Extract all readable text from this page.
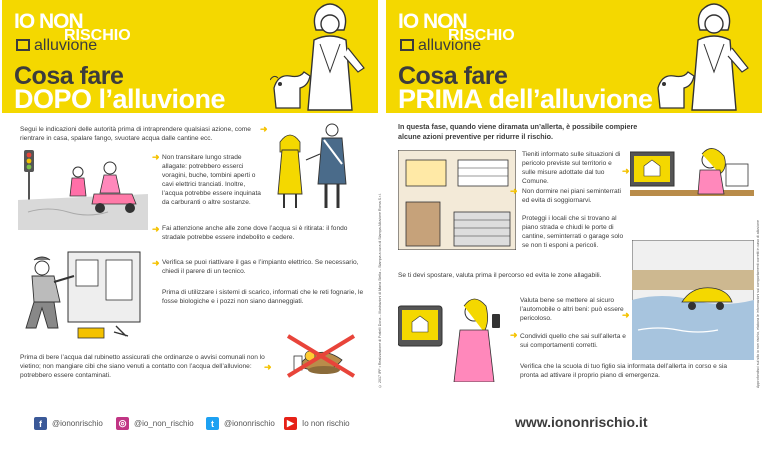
IO NON
RISCHIO
alluvione
Cosa fare
DOPO l’alluvione
Segui le indicazioni delle autorità prima di intraprendere qualsiasi azione, come rientrare in casa, spalare fango, svuotare acqua dalle cantine ecc.
➜
➜ Non transitare lungo strade allagate: potrebbero esserci voragini, buche, tombini aperti o cavi elettrici tranciati. Inoltre, l’acqua potrebbe essere inquinata da carburanti o altre sostanze.
➜ Fai attenzione anche alle zone dove l’acqua si è ritirata: il fondo stradale potrebbe essere indebolito e cedere.
➜ Verifica se puoi riattivare il gas e l’impianto elettrico. Se necessario, chiedi il parere di un tecnico.
Prima di utilizzare i sistemi di scarico, informati che le reti fognarie, le fosse biologiche e i pozzi non siano danneggiati.
Prima di bere l’acqua dal rubinetto assicurati che ordinanze o avvisi comunali non lo vietino; non mangiare cibi che siano venuti a contatto con l’acqua dell’alluvione: potrebbero essere contaminati.
➜	© 2017 IPF • Realizzazione di Fratelli Doria – Illustrazioni di Maria Stella – Stampa a cura di Stampa Alluvione Roma S.r.l.
IO NON
RISCHIO
alluvione
Cosa fare
PRIMA dell’alluvione
In questa fase, quando viene diramata un’allerta, è possibile compiere alcune azioni preventive per ridurre il rischio.
➜
Tieniti informato sulle situazioni di pericolo previste sul territorio e sulle misure adottate dal tuo Comune.
➜
Non dormire nei piani seminterrati ed evita di soggiornarvi.
Proteggi i locali che si trovano al piano strada e chiudi le porte di cantine, seminterrati o garage solo se non ti esponi a pericoli.
Se ti devi spostare, valuta prima il percorso ed evita le zone allagabili.
➜
Valuta bene se mettere al sicuro l’automobile o altri beni: può essere pericoloso.	➜
Condividi quello che sai sull’allerta e sui comportamenti corretti.
Verifica che la scuola di tuo figlio sia informata dell’allerta in corso e sia pronta ad attivare il proprio piano di emergenza.	Approfondisci sul sito io non rischio, elabora le informazioni sui comportamenti corretti in caso di alluvione
f	@iononrischio ◎ @io_non_rischio	t	@iononrischio	▶	Io non rischio	www.iononrischio.it
